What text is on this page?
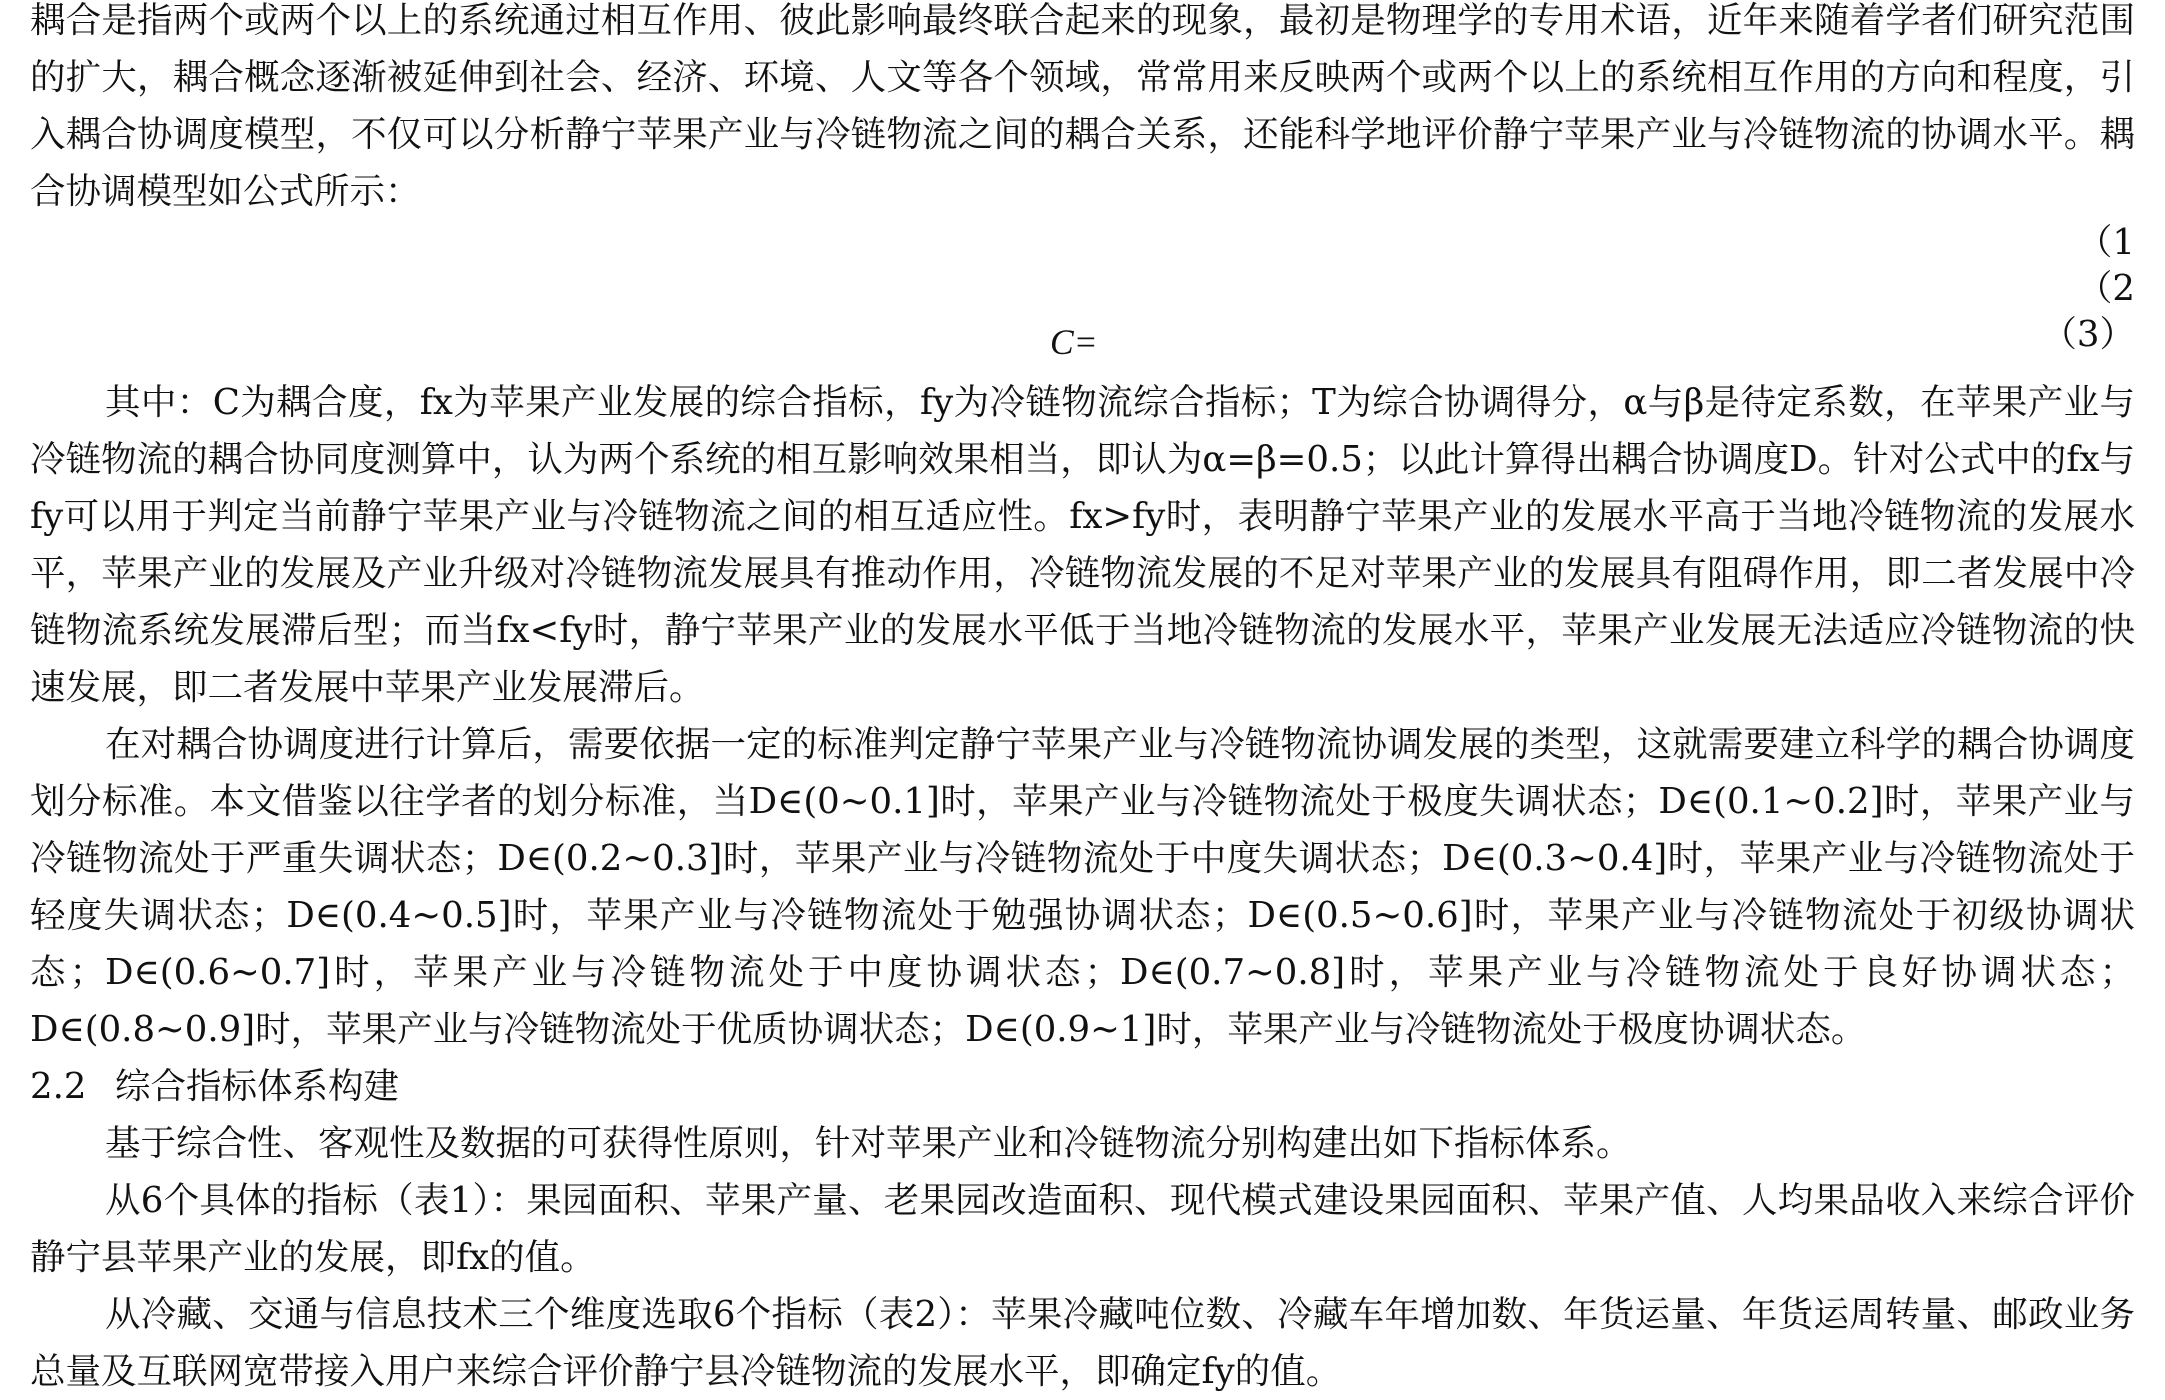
耦合是指两个或两个以上的系统通过相互作用、彼此影响最终联合起来的现象，最初是物理学的专用术语，近年来随着学者们研究范围的扩大，耦合概念逐渐被延伸到社会、经济、环境、人文等各个领域，常常用来反映两个或两个以上的系统相互作用的方向和程度，引入耦合协调度模型，不仅可以分析静宁苹果产业与冷链物流之间的耦合关系，还能科学地评价静宁苹果产业与冷链物流的协调水平。耦合协调模型如公式所示：

（1
（2
C=	（3）

其中：C为耦合度，fx为苹果产业发展的综合指标，fy为冷链物流综合指标；T为综合协调得分，α与β是待定系数，在苹果产业与冷链物流的耦合协同度测算中，认为两个系统的相互影响效果相当，即认为α=β=0.5；以此计算得出耦合协调度D。针对公式中的fx与fy可以用于判定当前静宁苹果产业与冷链物流之间的相互适应性。fx>fy时，表明静宁苹果产业的发展水平高于当地冷链物流的发展水平，苹果产业的发展及产业升级对冷链物流发展具有推动作用，冷链物流发展的不足对苹果产业的发展具有阻碍作用，即二者发展中冷链物流系统发展滞后型；而当fx<fy时，静宁苹果产业的发展水平低于当地冷链物流的发展水平，苹果产业发展无法适应冷链物流的快速发展，即二者发展中苹果产业发展滞后。

在对耦合协调度进行计算后，需要依据一定的标准判定静宁苹果产业与冷链物流协调发展的类型，这就需要建立科学的耦合协调度划分标准。本文借鉴以往学者的划分标准，当D∈(0~0.1]时，苹果产业与冷链物流处于极度失调状态；D∈(0.1~0.2]时，苹果产业与冷链物流处于严重失调状态；D∈(0.2~0.3]时，苹果产业与冷链物流处于中度失调状态；D∈(0.3~0.4]时，苹果产业与冷链物流处于轻度失调状态；D∈(0.4~0.5]时，苹果产业与冷链物流处于勉强协调状态；D∈(0.5~0.6]时，苹果产业与冷链物流处于初级协调状态；D∈(0.6~0.7]时，苹果产业与冷链物流处于中度协调状态；D∈(0.7~0.8]时，苹果产业与冷链物流处于良好协调状态；D∈(0.8~0.9]时，苹果产业与冷链物流处于优质协调状态；D∈(0.9~1]时，苹果产业与冷链物流处于极度协调状态。

2.2 综合指标体系构建

基于综合性、客观性及数据的可获得性原则，针对苹果产业和冷链物流分别构建出如下指标体系。

从6个具体的指标（表1）：果园面积、苹果产量、老果园改造面积、现代模式建设果园面积、苹果产值、人均果品收入来综合评价静宁县苹果产业的发展，即fx的值。

从冷藏、交通与信息技术三个维度选取6个指标（表2）：苹果冷藏吨位数、冷藏车年增加数、年货运量、年货运周转量、邮政业务总量及互联网宽带接入用户来综合评价静宁县冷链物流的发展水平，即确定fy的值。
